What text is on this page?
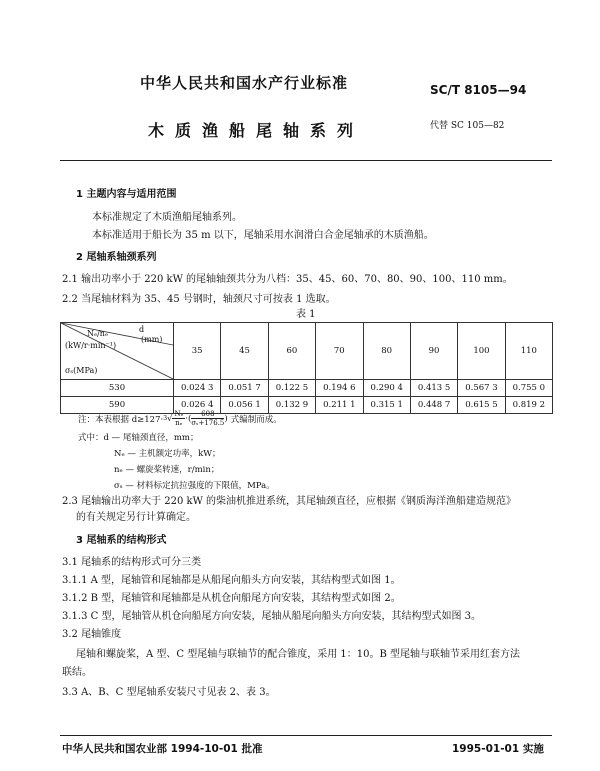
中华人民共和国水产行业标准	SC/T 8105—94
木质渔船尾轴系列	代替 SC 105—82
1 主题内容与适用范围
本标准规定了木质渔船尾轴系列。
本标准适用于船长为 35 m 以下，尾轴采用水润滑白合金尾轴承的木质渔船。
2 尾轴系轴颈系列
2.1 输出功率小于 220 kW 的尾轴轴颈共分为八档：35、45、60、70、80、90、100、110 mm。
2.2 当尾轴材料为 35、45 号钢时，轴颈尺寸可按表 1 选取。
表 1
d
(mm)
Nₑ/nₑ
(kW/r·min⁻¹)
σₛ(MPa)	35	45	60	70	80	90	100	110
530	0.024 3	0.051 7	0.122 5	0.194 6	0.290 4	0.413 5	0.567 3	0.755 0
590	0.026 4	0.056 1	0.132 9	0.211 1	0.315 1	0.448 7	0.615 5	0.819 2
注：本表根据 d≥127· 3 √ $\frac{\text{Nₑ}}{\text{nₑ}}$ ·( $\frac{608}{\text{σₛ+176.5}}$ ) 式编制而成。
式中：d — 尾轴颈直径，mm；
Nₑ — 主机额定功率，kW；
nₑ — 螺旋桨转速，r/min；
σₛ — 材料标定抗拉强度的下限值，MPa。
2.3 尾轴输出功率大于 220 kW 的柴油机推进系统，其尾轴颈直径，应根据《钢质海洋渔船建造规范》
的有关规定另行计算确定。
3 尾轴系的结构形式
3.1 尾轴系的结构形式可分三类
3.1.1 A 型，尾轴管和尾轴都是从船尾向船头方向安装，其结构型式如图 1。
3.1.2 B 型，尾轴管和尾轴都是从机仓向船尾方向安装，其结构型式如图 2。
3.1.3 C 型，尾轴管从机仓向船尾方向安装，尾轴从船尾向船头方向安装，其结构型式如图 3。
3.2 尾轴锥度
尾轴和螺旋桨，A 型、C 型尾轴与联轴节的配合锥度，采用 1：10。B 型尾轴与联轴节采用红套方法
联结。
3.3 A、B、C 型尾轴系安装尺寸见表 2、表 3。
中华人民共和国农业部 1994-10-01 批准	1995-01-01 实施
